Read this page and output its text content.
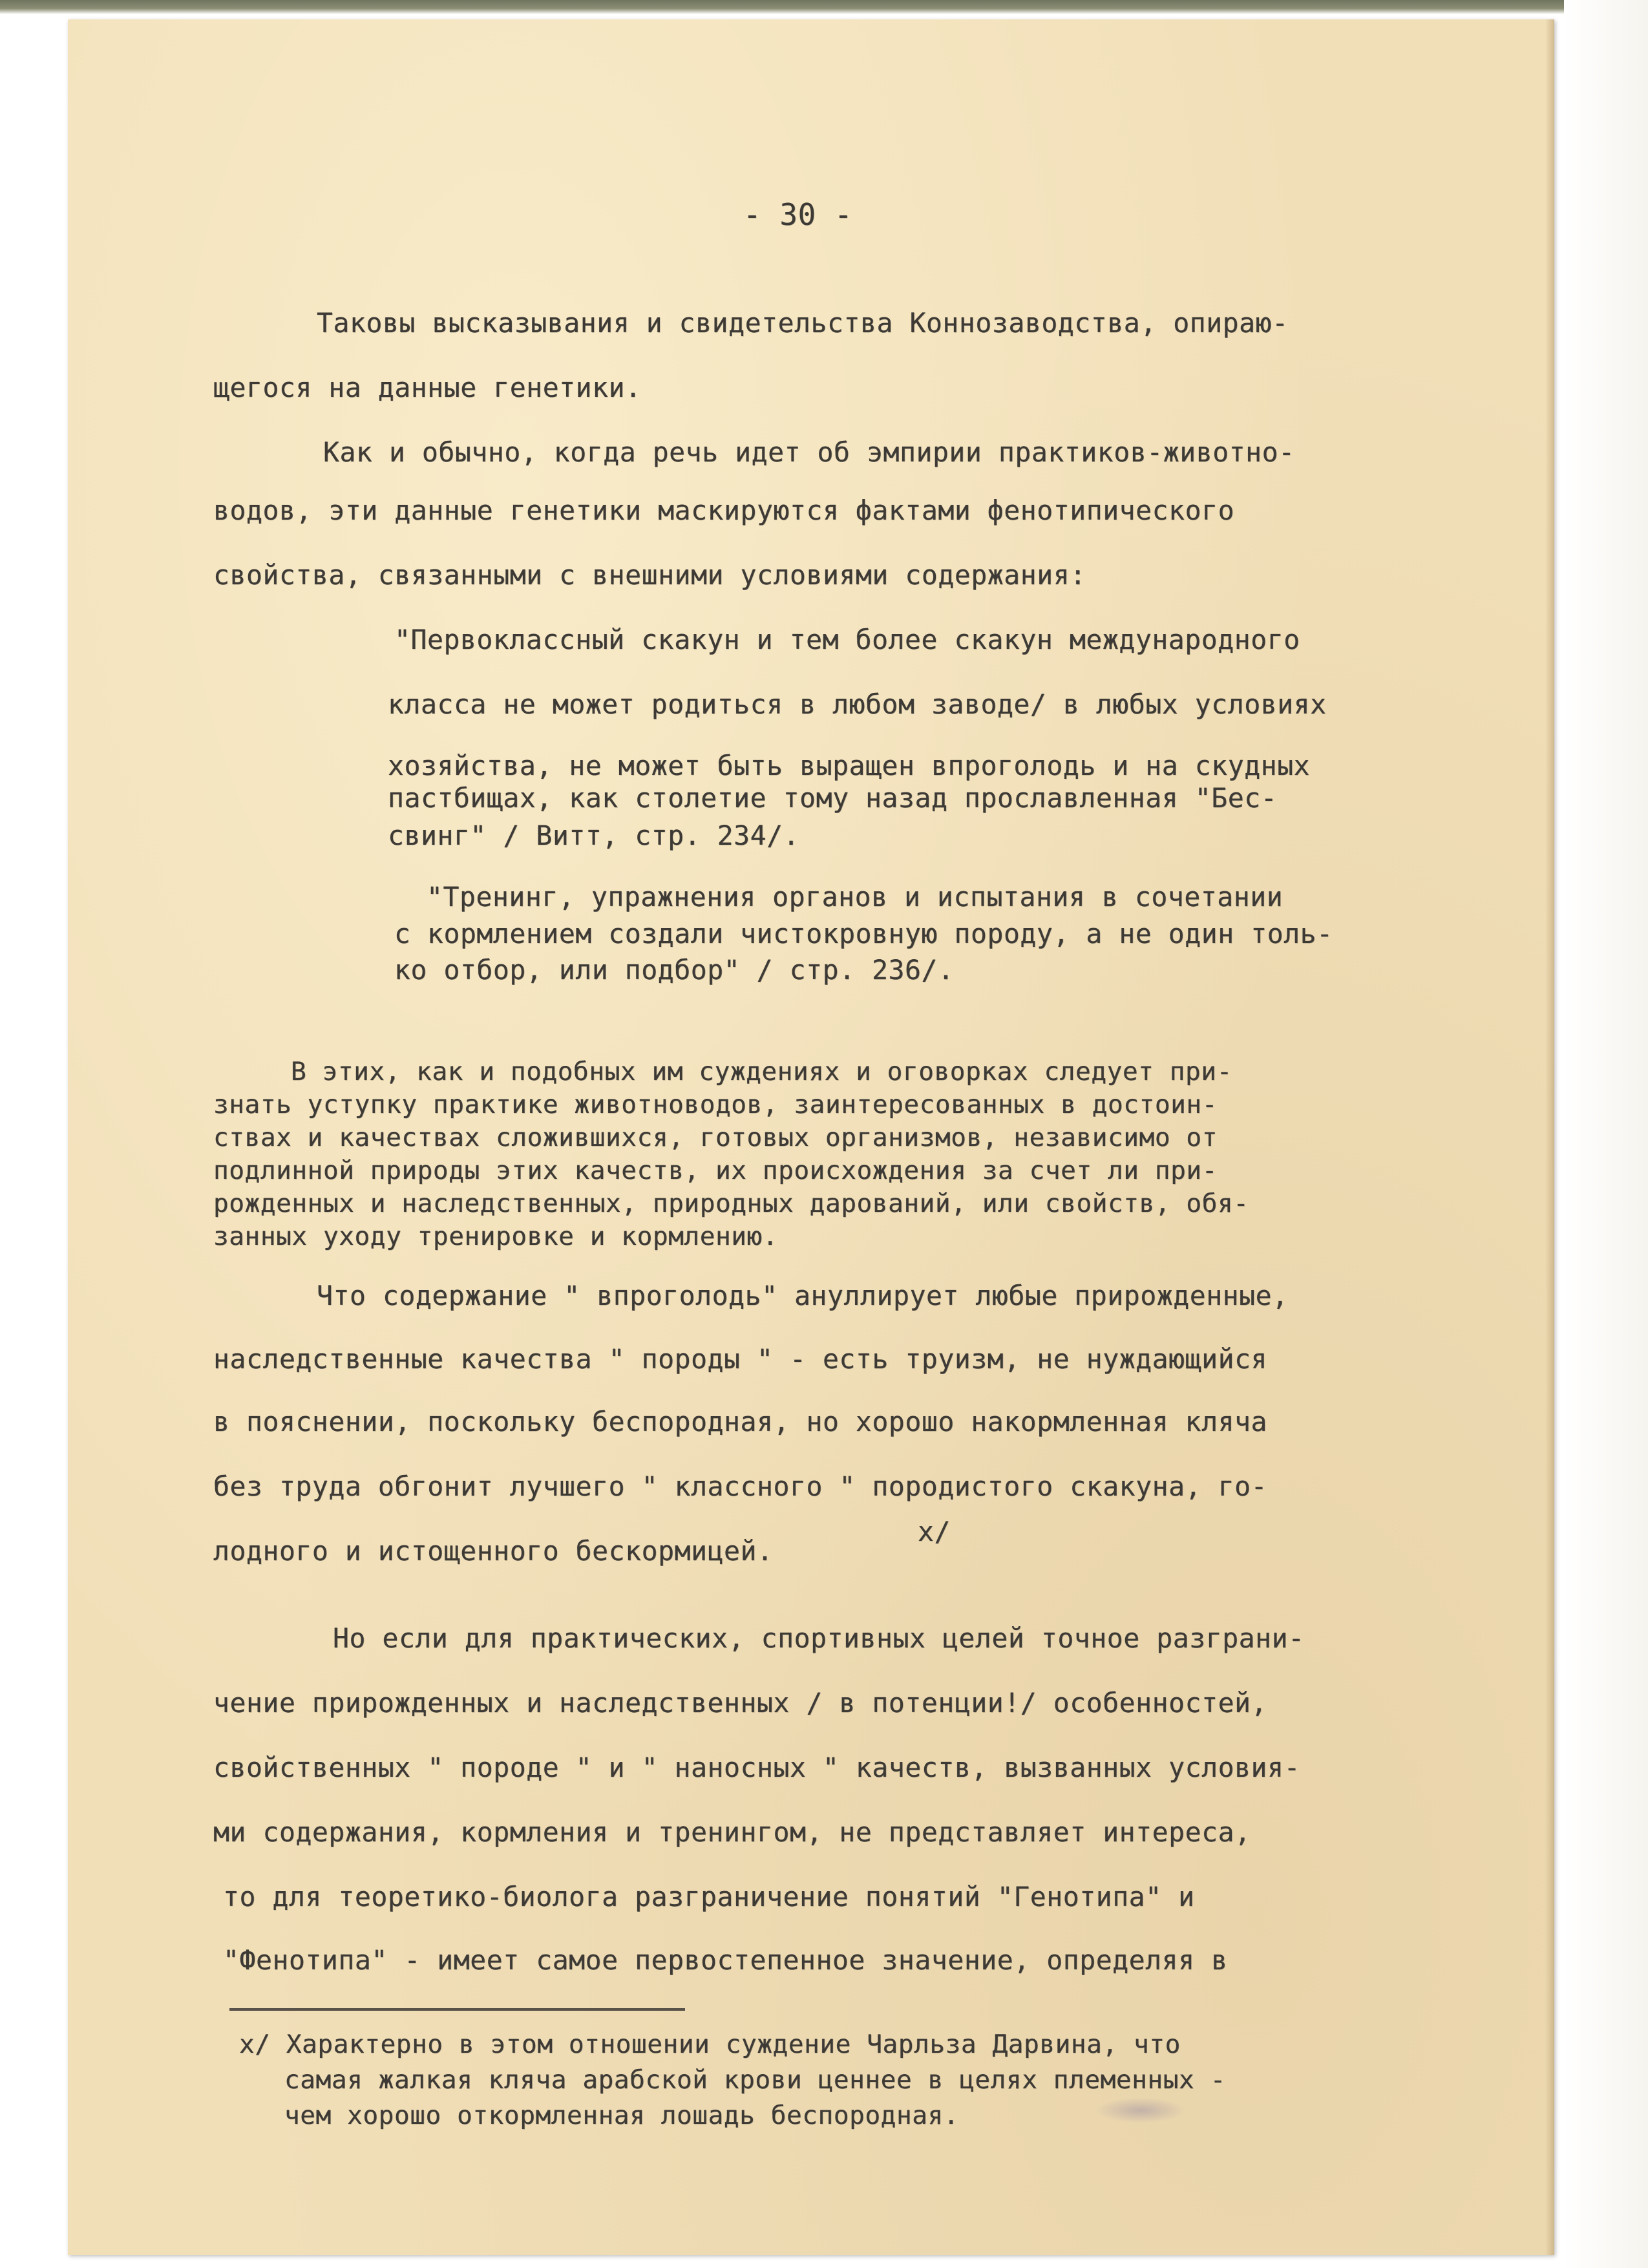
- 30 -
Таковы высказывания и свидетельства Коннозаводства, опираю-
щегося на данные генетики.
Как и обычно, когда речь идет об эмпирии практиков-животно-
водов, эти данные генетики маскируются фактами фенотипического
свойства, связанными с внешними условиями содержания:
"Первоклассный скакун и тем более скакун международного
класса не может родиться в любом заводе/ в любых условиях
хозяйства, не может быть выращен впроголодь и на скудных
пастбищах, как столетие тому назад прославленная "Бес-
свинг" / Витт, стр. 234/.
"Тренинг, упражнения органов и испытания в сочетании
с кормлением создали чистокровную породу, а не один толь-
ко отбор, или подбор" / стр. 236/.
В этих, как и подобных им суждениях и оговорках следует при-
знать уступку практике животноводов, заинтересованных в достоин-
ствах и качествах сложившихся, готовых организмов, независимо от
подлинной природы этих качеств, их происхождения за счет ли при-
рожденных и наследственных, природных дарований, или свойств, обя-
занных уходу тренировке и кормлению.
Что содержание " впроголодь" ануллирует любые прирожденные,
наследственные качества " породы " - есть труизм, не нуждающийся
в пояснении, поскольку беспородная, но хорошо накормленная кляча
без труда обгонит лучшего " классного " породистого скакуна, го-
лодного и истощенного бескормицей.
x/
Но если для практических, спортивных целей точное разграни-
чение прирожденных и наследственных / в потенции!/ особенностей,
свойственных " породе " и " наносных " качеств, вызванных условия-
ми содержания, кормления и тренингом, не представляет интереса,
то для теоретико-биолога разграничение понятий "Генотипа" и
"Фенотипа" - имеет самое первостепенное значение, определяя в
х/ Характерно в этом отношении суждение Чарльза Дарвина, что
самая жалкая кляча арабской крови ценнее в целях племенных -
чем хорошо откормленная лошадь беспородная.
